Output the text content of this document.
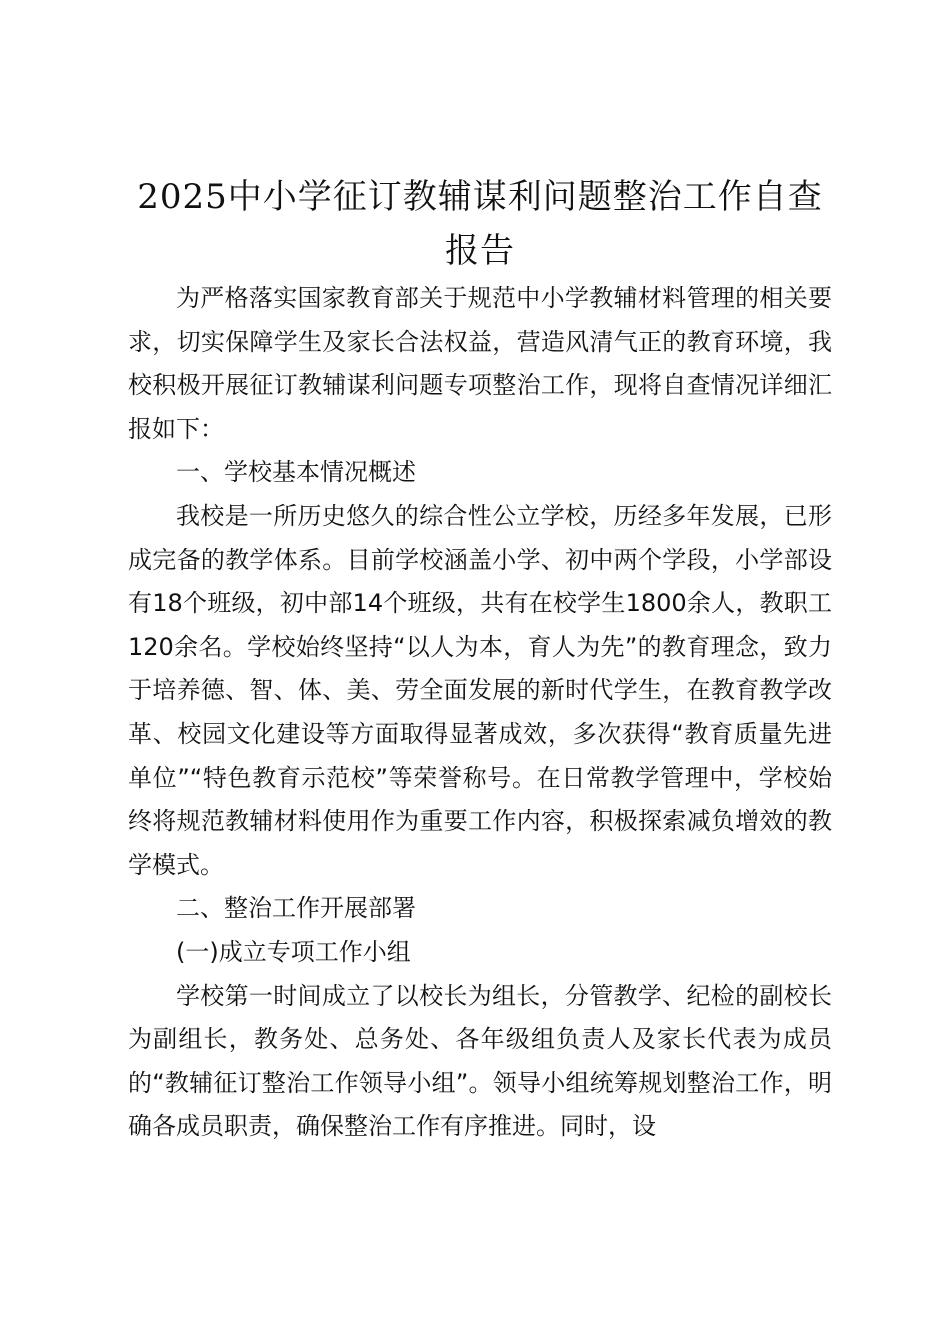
2025中小学征订教辅谋利问题整治工作自查报告

为严格落实国家教育部关于规范中小学教辅材料管理的相关要求，切实保障学生及家长合法权益，营造风清气正的教育环境，我校积极开展征订教辅谋利问题专项整治工作，现将自查情况详细汇报如下：

一、学校基本情况概述

我校是一所历史悠久的综合性公立学校，历经多年发展，已形成完备的教学体系。目前学校涵盖小学、初中两个学段，小学部设有18个班级，初中部14个班级，共有在校学生1800余人，教职工120余名。学校始终坚持“以人为本，育人为先”的教育理念，致力于培养德、智、体、美、劳全面发展的新时代学生，在教育教学改革、校园文化建设等方面取得显著成效，多次获得“教育质量先进单位”“特色教育示范校”等荣誉称号。在日常教学管理中，学校始终将规范教辅材料使用作为重要工作内容，积极探索减负增效的教学模式。

二、整治工作开展部署

(一)成立专项工作小组

学校第一时间成立了以校长为组长，分管教学、纪检的副校长为副组长，教务处、总务处、各年级组负责人及家长代表为成员的“教辅征订整治工作领导小组”。领导小组统筹规划整治工作，明确各成员职责，确保整治工作有序推进。同时，设
